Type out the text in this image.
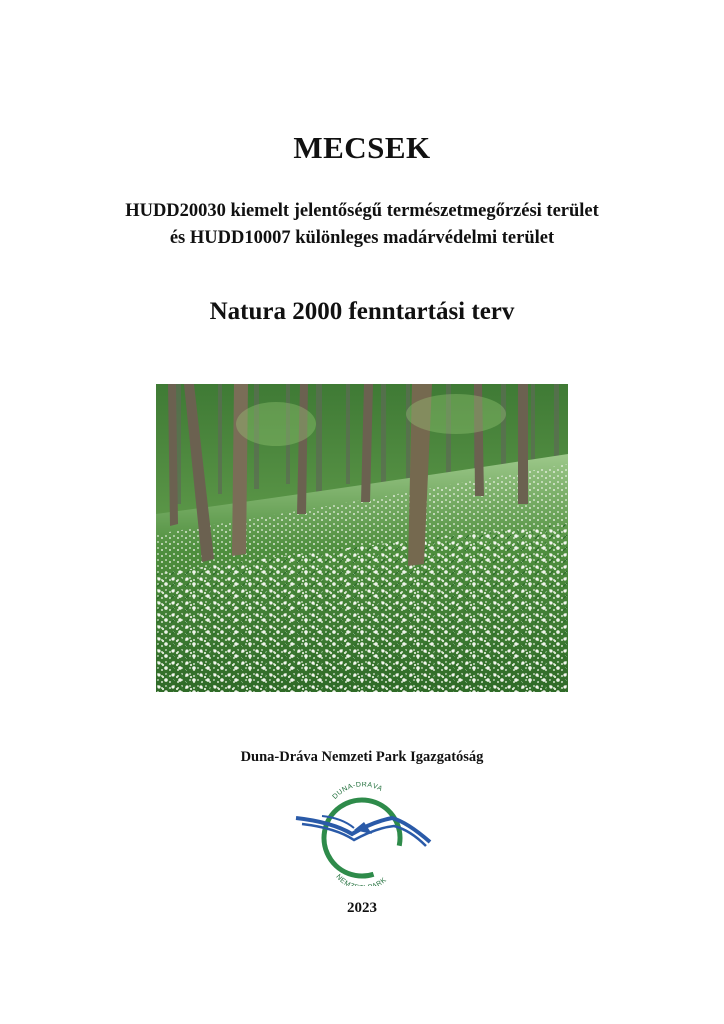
MECSEK
HUDD20030 kiemelt jelentőségű természetmegőrzési terület
és HUDD10007 különleges madárvédelmi terület
Natura 2000 fenntartási terv
Duna-Dráva Nemzeti Park Igazgatóság
DUNA-DRÁVA
NEM RK
2023
